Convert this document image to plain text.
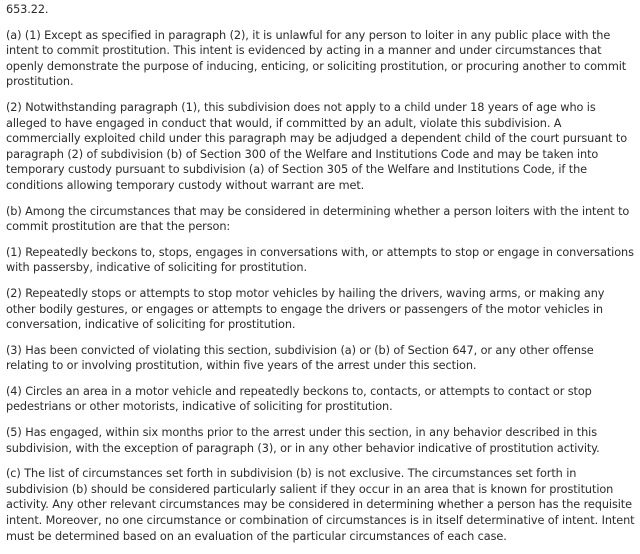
653.22.

(a) (1) Except as specified in paragraph (2), it is unlawful for any person to loiter in any public place with the intent to commit prostitution. This intent is evidenced by acting in a manner and under circumstances that openly demonstrate the purpose of inducing, enticing, or soliciting prostitution, or procuring another to commit prostitution.

(2) Notwithstanding paragraph (1), this subdivision does not apply to a child under 18 years of age who is alleged to have engaged in conduct that would, if committed by an adult, violate this subdivision. A commercially exploited child under this paragraph may be adjudged a dependent child of the court pursuant to paragraph (2) of subdivision (b) of Section 300 of the Welfare and Institutions Code and may be taken into temporary custody pursuant to subdivision (a) of Section 305 of the Welfare and Institutions Code, if the conditions allowing temporary custody without warrant are met.

(b) Among the circumstances that may be considered in determining whether a person loiters with the intent to commit prostitution are that the person:

(1) Repeatedly beckons to, stops, engages in conversations with, or attempts to stop or engage in conversations with passersby, indicative of soliciting for prostitution.

(2) Repeatedly stops or attempts to stop motor vehicles by hailing the drivers, waving arms, or making any other bodily gestures, or engages or attempts to engage the drivers or passengers of the motor vehicles in conversation, indicative of soliciting for prostitution.

(3) Has been convicted of violating this section, subdivision (a) or (b) of Section 647, or any other offense relating to or involving prostitution, within five years of the arrest under this section.

(4) Circles an area in a motor vehicle and repeatedly beckons to, contacts, or attempts to contact or stop pedestrians or other motorists, indicative of soliciting for prostitution.

(5) Has engaged, within six months prior to the arrest under this section, in any behavior described in this subdivision, with the exception of paragraph (3), or in any other behavior indicative of prostitution activity.

(c) The list of circumstances set forth in subdivision (b) is not exclusive. The circumstances set forth in subdivision (b) should be considered particularly salient if they occur in an area that is known for prostitution activity. Any other relevant circumstances may be considered in determining whether a person has the requisite intent. Moreover, no one circumstance or combination of circumstances is in itself determinative of intent. Intent must be determined based on an evaluation of the particular circumstances of each case.
